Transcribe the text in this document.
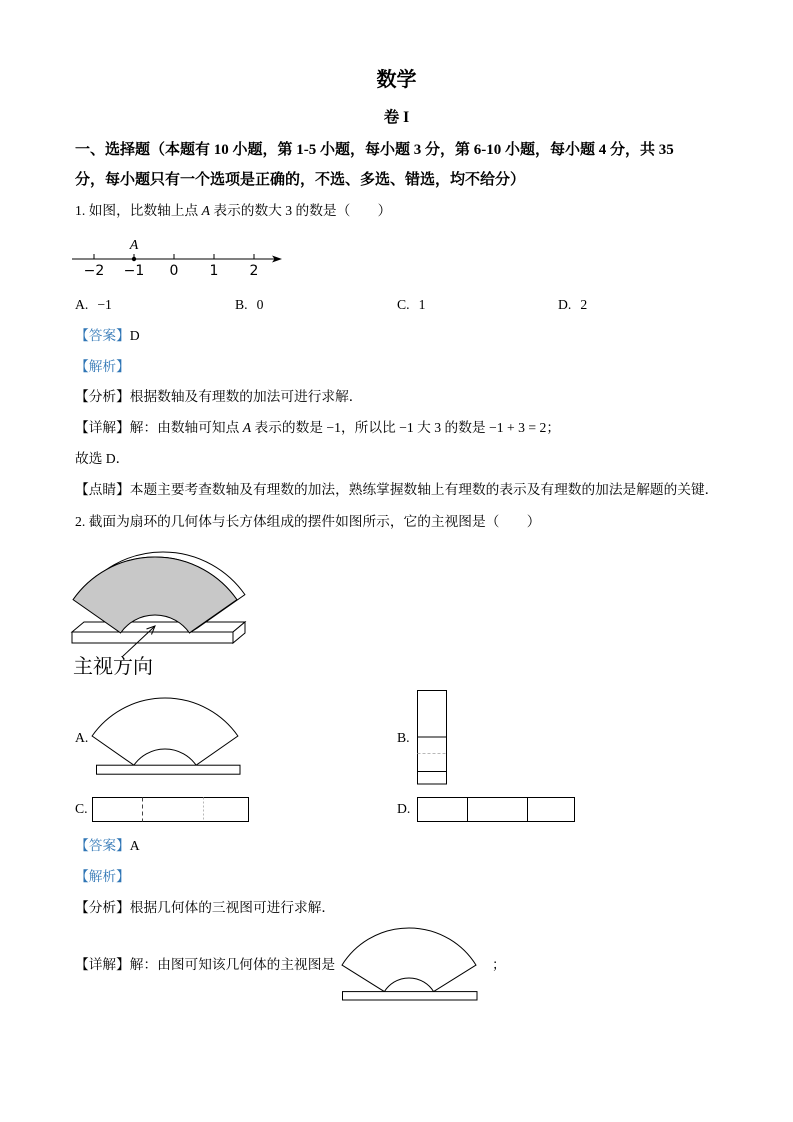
−2 −1 0 1 2
A
主视方向
数学
卷 I
一、选择题（本题有 10 小题，第 1-5 小题，每小题 3 分，第 6-10 小题，每小题 4 分，共 35
分，每小题只有一个选项是正确的，不选、多选、错选，均不给分）
1. 如图，比数轴上点 A 表示的数大 3 的数是（　　）
A. −1	B. 0	C. 1	D. 2
【答案】D
【解析】
【分析】根据数轴及有理数的加法可进行求解．
【详解】解：由数轴可知点 A 表示的数是 −1，所以比 −1 大 3 的数是 −1 + 3 = 2；
故选 D．
【点睛】本题主要考查数轴及有理数的加法，熟练掌握数轴上有理数的表示及有理数的加法是解题的关键．
2. 截面为扇环的几何体与长方体组成的摆件如图所示，它的主视图是（　　）
A.	B.
C.	D.
【答案】A
【解析】
【分析】根据几何体的三视图可进行求解．
【详解】解：由图可知该几何体的主视图是	；
